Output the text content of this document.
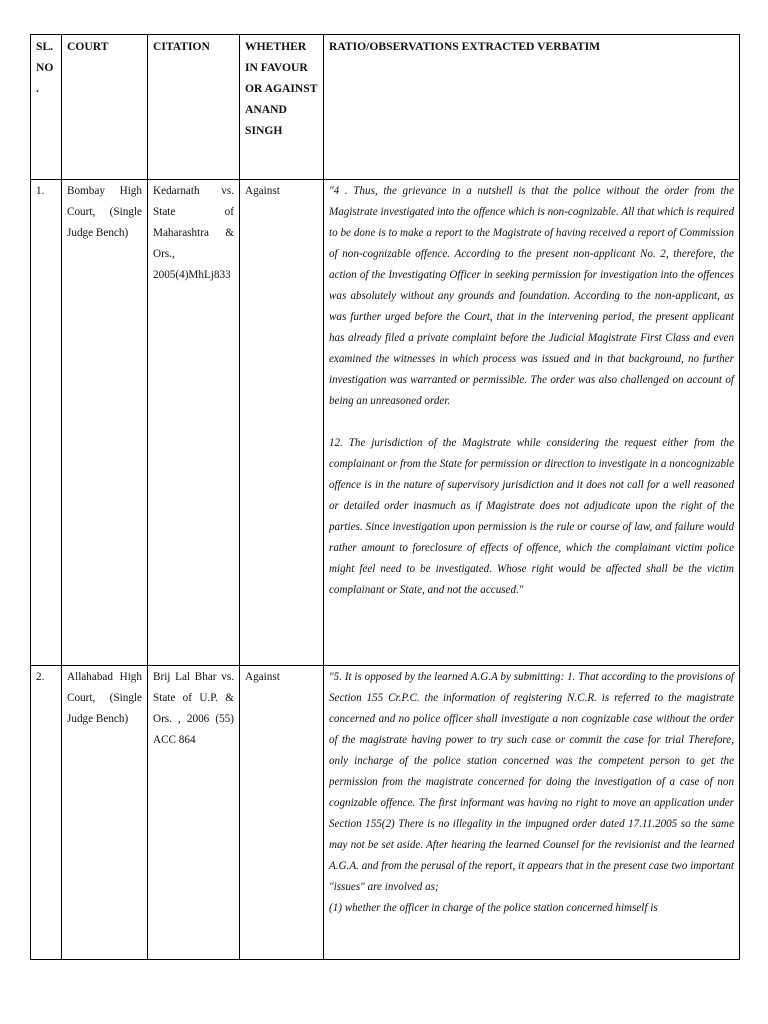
SL. NO .	COURT	CITATION	WHETHER IN FAVOUR OR AGAINST ANAND SINGH	RATIO/OBSERVATIONS EXTRACTED VERBATIM
1.	Bombay High Court, (Single Judge Bench)	Kedarnath vs. State of Maharashtra & Ors., 2005(4)MhLj833	Against	"4 . Thus, the grievance in a nutshell is that the police without the order from the Magistrate investigated into the offence which is non-cognizable. All that which is required to be done is to make a report to the Magistrate of having received a report of Commission of non-cognizable offence. According to the present non-applicant No. 2, therefore, the action of the Investigating Officer in seeking permission for investigation into the offences was absolutely without any grounds and foundation. According to the non-applicant, as was further urged before the Court, that in the intervening period, the present applicant has already filed a private complaint before the Judicial Magistrate First Class and even examined the witnesses in which process was issued and in that background, no further investigation was warranted or permissible. The order was also challenged on account of being an unreasoned order.

12. The jurisdiction of the Magistrate while considering the request either from the complainant or from the State for permission or direction to investigate in a noncognizable offence is in the nature of supervisory jurisdiction and it does not call for a well reasoned or detailed order inasmuch as if Magistrate does not adjudicate upon the right of the parties. Since investigation upon permission is the rule or course of law, and failure would rather amount to foreclosure of effects of offence, which the complainant victim police might feel need to be investigated. Whose right would be affected shall be the victim complainant or State, and not the accused."

2.	Allahabad High Court, (Single Judge Bench)	Brij Lal Bhar vs. State of U.P. & Ors. , 2006 (55) ACC 864	Against	"5. It is opposed by the learned A.G.A by submitting: 1. That according to the provisions of Section 155 Cr.P.C. the information of registering N.C.R. is referred to the magistrate concerned and no police officer shall investigate a non cognizable case without the order of the magistrate having power to try such case or commit the case for trial Therefore, only incharge of the police station concerned was the competent person to get the permission from the magistrate concerned for doing the investigation of a case of non cognizable offence. The first informant was having no right to move an application under Section 155(2) There is no illegality in the impugned order dated 17.11.2005 so the same may not be set aside. After hearing the learned Counsel for the revisionist and the learned A.G.A. and from the perusal of the report, it appears that in the present case two important "issues" are involved as;

(1) whether the officer in charge of the police station concerned himself is
